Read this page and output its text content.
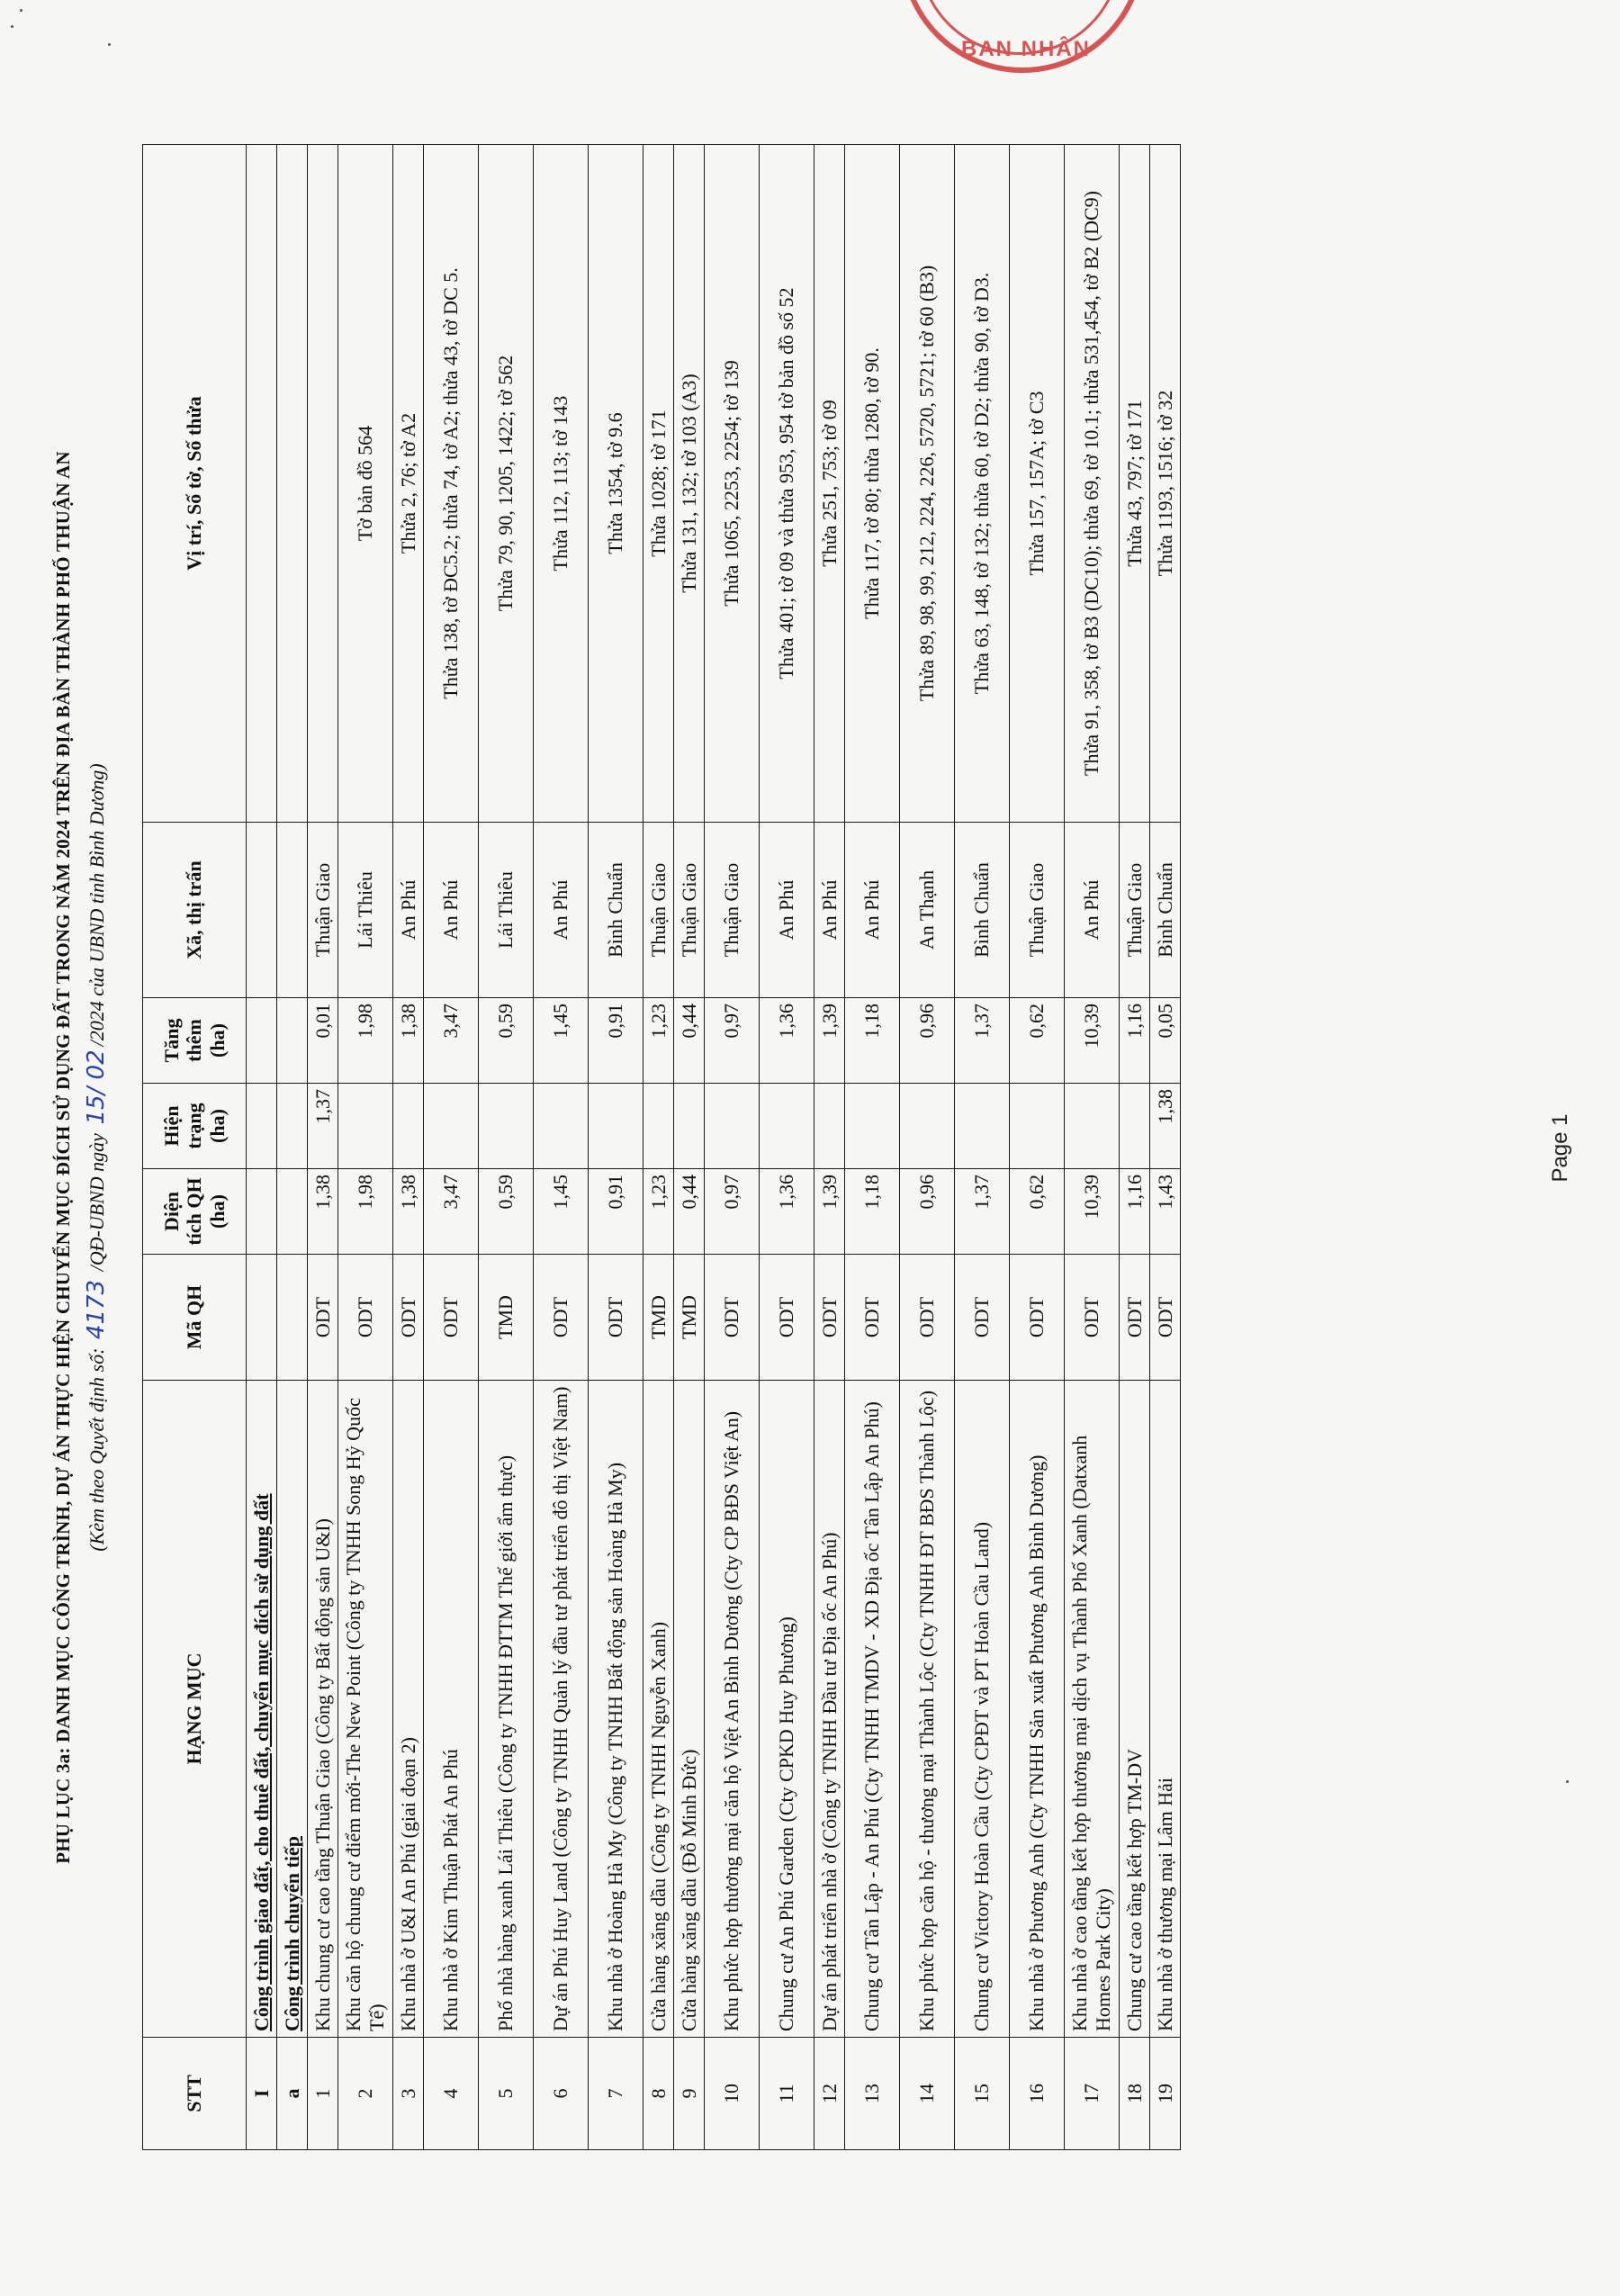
PHỤ LỤC 3a: DANH MỤC CÔNG TRÌNH, DỰ ÁN THỰC HIỆN CHUYỂN MỤC ĐÍCH SỬ DỤNG ĐẤT TRONG NĂM 2024 TRÊN ĐỊA BÀN THÀNH PHỐ THUẬN AN (Kèm theo Quyết định số: 4173 /QĐ-UBND ngày 15/ 02/2024 của UBND tỉnh Bình Dương)
STT	HẠNG MỤC	Mã QH	Diện tích QH (ha)	Hiện trạng (ha)	Tăng thêm (ha)	Xã, thị trấn	Vị trí, Số tờ, Số thửa
I	Công trình giao đất, cho thuê đất, chuyển mục đích sử dụng đất						
a	Công trình chuyển tiếp						
1	Khu chung cư cao tầng Thuận Giao (Công ty Bất động sản U&I)	ODT	1,38	1,37	0,01	Thuận Giao	
2	Khu căn hộ chung cư điểm mới-The New Point (Công ty TNHH Song Hỷ Quốc Tế)	ODT	1,98		1,98	Lái Thiêu	Tờ bản đồ 564
3	Khu nhà ở U&I An Phú (giai đoạn 2)	ODT	1,38		1,38	An Phú	Thửa 2, 76; tờ A2
4	Khu nhà ở Kim Thuận Phát An Phú	ODT	3,47		3,47	An Phú	Thửa 138, tờ ĐC5.2; thửa 74, tờ A2; thửa 43, tờ DC 5.
5	Phố nhà hàng xanh Lái Thiêu (Công ty TNHH ĐTTM Thế giới ẩm thực)	TMD	0,59		0,59	Lái Thiêu	Thửa 79, 90, 1205, 1422; tờ 562
6	Dự án Phú Huy Land (Công ty TNHH Quản lý đầu tư phát triển đô thị Việt Nam)	ODT	1,45		1,45	An Phú	Thửa 112, 113; tờ 143
7	Khu nhà ở Hoàng Hà My (Công ty TNHH Bất động sản Hoàng Hà My)	ODT	0,91		0,91	Bình Chuẩn	Thửa 1354, tờ 9.6
8	Cửa hàng xăng dầu (Công ty TNHH Nguyễn Xanh)	TMD	1,23		1,23	Thuận Giao	Thửa 1028; tờ 171
9	Cửa hàng xăng dầu (Đỗ Minh Đức)	TMD	0,44		0,44	Thuận Giao	Thửa 131, 132; tờ 103 (A3)
10	Khu phức hợp thương mại căn hộ Việt An Bình Dương (Cty CP BĐS Việt An)	ODT	0,97		0,97	Thuận Giao	Thửa 1065, 2253, 2254; tờ 139
11	Chung cư An Phú Garden (Cty CPKD Huy Phương)	ODT	1,36		1,36	An Phú	Thửa 401; tờ 09 và thửa 953, 954 tờ bản đồ số 52
12	Dự án phát triển nhà ở (Công ty TNHH Đầu tư Địa ốc An Phú)	ODT	1,39		1,39	An Phú	Thửa 251, 753; tờ 09
13	Chung cư Tân Lập - An Phú (Cty TNHH TMDV - XD Địa ốc Tân Lập An Phú)	ODT	1,18		1,18	An Phú	Thửa 117, tờ 80; thửa 1280, tờ 90.
14	Khu phức hợp căn hộ - thương mại Thành Lộc (Cty TNHH ĐT BĐS Thành Lộc)	ODT	0,96		0,96	An Thạnh	Thửa 89, 98, 99, 212, 224, 226, 5720, 5721; tờ 60 (B3)
15	Chung cư Victory Hoàn Cầu (Cty CPĐT và PT Hoàn Cầu Land)	ODT	1,37		1,37	Bình Chuẩn	Thửa 63, 148, tờ 132; thửa 60, tờ D2; thửa 90, tờ D3.
16	Khu nhà ở Phương Anh (Cty TNHH Sản xuất Phương Anh Bình Dương)	ODT	0,62		0,62	Thuận Giao	Thửa 157, 157A; tờ C3
17	Khu nhà ở cao tầng kết hợp thương mại dịch vụ Thành Phố Xanh (Datxanh Homes Park City)	ODT	10,39		10,39	An Phú	Thửa 91, 358, tờ B3 (DC10); thửa 69, tờ 10.1; thửa 531,454, tờ B2 (DC9)
18	Chung cư cao tầng kết hợp TM-DV	ODT	1,16		1,16	Thuận Giao	Thửa 43, 797; tờ 171
19	Khu nhà ở thương mại Lâm Hải	ODT	1,43	1,38	0,05	Bình Chuẩn	Thửa 1193, 1516; tờ 32
Page 1
BAN NHÂN
